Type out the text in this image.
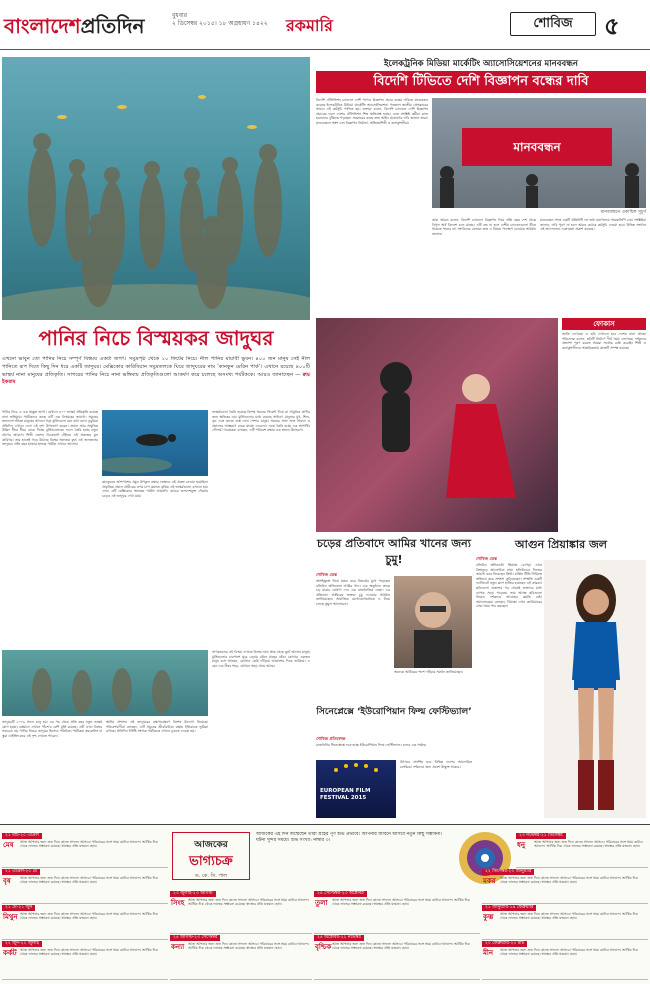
বাংলাদেশপ্রতিদিন	বুধবার
২ ডিসেম্বর ২০১৫। ১৮ অগ্রহায়ণ ১৪২২ রকমারি	শোবিজ	৫
পানির নিচে বিস্ময়কর জাদুঘর
এখনো ভাবুন তো পানির নিচে সম্পূর্ণ বিশ্বময় একটা জগৎ। সমুদ্রপৃষ্ঠ থেকে ১০ ফিটের নিচে। নীল পানির মায়াবী ভুবন। ৪০০ জন মানুষ সেই নীল পানিতে রূপ দিতে কিছু দিন ধরে একটি জাদুঘর। মেক্সিকোর কারিবিয়ান সমুদ্রতলকে ঘিরে জাদুঘরের নাম ‘কানকুন মেরিন পার্ক’। এখানে রয়েছে ৪০০টি ভাস্কর্য নানা মানুষের প্রতিকৃতি। সাগরের পানির নিচে নানা ভঙ্গিমায় প্রতিকৃতিগুলো আকর্ষণ করে চলেছে অসংখ্য পর্যটককে। আরও জানাচ্ছেন — রুদ্র ইকরাম
পানির নিচে এ এক অদ্ভুত জগৎ। যেখানে ৪০০ ভাস্কর্য প্রতিকৃতি রয়েছে নানা ভঙ্গিমায়। পর্যটকদের কাছে এটি এক বিস্ময়কর জায়গা। সমুদ্রের তলদেশে জীবন্ত মানুষের আদলে গড়া মূর্তিগুলো যেন কথা বলে। ডুবুরিরা প্রতিদিন এখানে এসে এই দৃশ্য উপভোগ করেন। প্রবাল আর সামুদ্রিক উদ্ভিদ ধীরে ধীরে ঢেকে দিচ্ছে মূর্তিগুলোকে। ফলে তৈরি হচ্ছে নতুন প্রাণের আবাস। শিল্পী জেসন ডিকেয়ার্স টেইলর এই প্রকল্পের মূল কারিগর। তার হাতেই গড়ে উঠেছে বিশ্বের অন্যতম বৃহৎ এই জলতলের জাদুঘর। প্রতি বছর হাজার হাজার পর্যটক এখানে আসেন।
কানকুনের আশপাশের সমুদ্র উপকূল রক্ষার লক্ষ্যেও এই প্রকল্প নেওয়া হয়েছিল। প্রাকৃতিক প্রবাল প্রাচীরের ওপর চাপ কমাতে কৃত্রিম এই ভাস্কর্যগুলো বসানো হয়। এখন এটি মেক্সিকোর অন্যতম পর্যটন আকর্ষণ। কাচের তলদেশযুক্ত নৌকায় চড়েও এই জাদুঘর দেখা যায়।
ভাস্কর্যগুলো তৈরি হয়েছে বিশেষ ধরনের সিমেন্ট দিয়ে যা সামুদ্রিক প্রাণীর জন্য ক্ষতিকর নয়। মূর্তিগুলোর মধ্যে রয়েছে সাধারণ মানুষের মুখ, শিশু, বৃদ্ধ এবং কাজে ব্যস্ত নানা পেশার মানুষ। সময়ের সঙ্গে সঙ্গে শৈবাল ও প্রবালের আস্তরণে ঢেকে যাচ্ছে এগুলো। এতে তৈরি হচ্ছে এক অপার্থিব সৌন্দর্য। গবেষকরা বলছেন, এটি পরিবেশ রক্ষার এক অনন্য উদাহরণ।
জাদুঘরটি ২০০৯ সালে চালু হয়। এর পর থেকে প্রতি বছর নতুন ভাস্কর্য যোগ হচ্ছে। বর্তমানে এখানে পাঁচশ'র বেশি মূর্তি রয়েছে। এটি এখন বিশ্বের সবচেয়ে বড় পানির নিচের জাদুঘর হিসেবে পরিচিত। পর্যটকরা স্নরকেলিং বা স্কুবা ডাইভিং করে এই দৃশ্য দেখতে পারেন।
স্থানীয় প্রশাসন এই জাদুঘরের রক্ষণাবেক্ষণে বিশেষ উদ্যোগ নিয়েছে। পরিবেশবাদীরা বলছেন, এটি সমুদ্রের জীববৈচিত্র্য রক্ষায় ইতিবাচক ভূমিকা রাখছে। প্রতিদিন নির্দিষ্ট সংখ্যক পর্যটককে এখানে ঢুকতে দেওয়া হয়।
সাগরতলের এই বিস্ময় দেখতে বিশ্বের নানা প্রান্ত থেকে ছুটে আসেন মানুষ। মূর্তিগুলোর চারপাশে ঘুরে বেড়ায় রঙিন মাছের ঝাঁক। কোথাও একজন মানুষ বসে আছেন, কোথাও কেউ দাঁড়িয়ে আকাশের দিকে তাকিয়ে। এ যেন এক নীরব শহর, যেখানে সময় থেমে আছে।
ইলেকট্রনিক মিডিয়া মার্কেটিং অ্যাসোসিয়েশনের মানববন্ধন
বিদেশি টিভিতে দেশি বিজ্ঞাপন বন্ধের দাবি
বিদেশি টেলিভিশন চ্যানেলে দেশি পণ্যের বিজ্ঞাপন প্রচার বন্ধের দাবিতে মানববন্ধন করেছে ইলেকট্রনিক মিডিয়া মার্কেটিং অ্যাসোসিয়েশন। গতকাল জাতীয় প্রেসক্লাবের সামনে এই কর্মসূচি পালিত হয়। বক্তারা বলেন, বিদেশি চ্যানেলে দেশি বিজ্ঞাপন প্রচারের ফলে দেশের টেলিভিশন শিল্প ক্ষতিগ্রস্ত হচ্ছে। এতে সংশ্লিষ্ট কর্মীরা কাজ হারানোর ঝুঁকিতে পড়ছেন। সরকারের কাছে দ্রুত আইন প্রয়োগের দাবি জানান তারা। মানববন্ধনে অংশ নেন বিজ্ঞাপন নির্মাতা, অভিনয়শিল্পী ও কলাকুশলীরা।
মানববন্ধন
মানববন্ধনে একাধিক সুচূর্ণ
তারা আরও বলেন, বিদেশি চ্যানেলে বিজ্ঞাপন দিয়ে প্রতি বছর দেশ থেকে বিপুল অর্থ বিদেশে চলে যাচ্ছে। এটি বন্ধ না হলে দেশীয় চ্যানেলগুলো টিকে থাকতে পারবে না। সংগঠনের নেতারা দ্রুত এ বিষয়ে পদক্ষেপ নেওয়ার আহ্বান জানান।
মানববন্ধন শেষে একটি প্রতিনিধি দল তথ্য মন্ত্রণালয়ে স্মারকলিপি দেয়। সংশ্লিষ্টরা জানান, দাবি পূরণ না হলে আরও কঠোর কর্মসূচি দেওয়া হবে। বিভিন্ন সংগঠন এই আন্দোলনে একাত্মতা প্রকাশ করেছে।
ফোকাস
জাতি দেখেছে। এ ছবি দেখানো হবে দেশের নানা প্রান্তে। পরিচালক বলেন, ছবিটি নির্মাণে দীর্ঘ সময় লেগেছে। দর্শকদের প্রত্যাশা পূরণ করতে আমরা সর্বোচ্চ চেষ্টা করেছি। শিল্পী ও কলাকুশলীদের আন্তরিকতায় কাজটি সম্পন্ন হয়েছে।
চড়ের প্রতিবাদে আমির খানের জন্য চুমু!
শোবিজ ডেস্ক
অসহিষ্ণুতা নিয়ে মন্তব্য করে বিতর্কের মুখে পড়েছেন বলিউড অভিনেতা আমির খান। এক অনুষ্ঠানে তাকে চড় মারার ঘোষণা দেন এক রাজনৈতিক নেতা। এর প্রতিবাদে আমিরের ভক্তরা চুমু দেওয়ার আহ্বান জানিয়েছেন। সামাজিক যোগাযোগমাধ্যমে এ নিয়ে চলছে তুমুল আলোচনা।
অনেকে আমিরের পাশে দাঁড়িয়ে সমর্থন জানিয়েছেন।
সিনেপ্লেক্সে ‘ইউরোপিয়ান ফিল্ম ফেস্টিভ্যাল’
শোবিজ প্রতিবেদক
রাজধানীর সিনেপ্লেক্সে শুরু হচ্ছে ইউরোপিয়ান ফিল্ম ফেস্টিভ্যাল। চলবে এক সপ্তাহ।
EUROPEAN FILM FESTIVAL 2015
উৎসবে প্রদর্শিত হবে বিভিন্ন দেশের আলোচিত চলচ্চিত্র। দর্শকদের জন্য প্রবেশ উন্মুক্ত থাকবে।
আগুন প্রিয়াঙ্কার জল
শোবিজ ডেস্ক
বলিউড অভিনেত্রী প্রিয়াঙ্কা চোপড়া এখন বিশ্বজুড়ে আলোচিত নাম। হলিউডেও নিজের জায়গা করে নিয়েছেন তিনি। মার্কিন টিভি সিরিজে অভিনয় করে প্রশংসা কুড়িয়েছেন। সম্প্রতি একটি ফটোশুটে নতুন রূপে হাজির হয়েছেন এই তারকা। ছবিগুলো প্রকাশের পর থেকেই ভক্তদের মধ্যে ব্যাপক সাড়া পড়েছে। তার আসন্ন ছবিগুলো নিয়েও দর্শকদের আগ্রহের কমতি নেই। সমালোচকরা বলছেন, প্রিয়াঙ্কা এখন ক্যারিয়ারের সেরা সময় পার করছেন।
আজকের
ভাগ্যচক্র
ড. কে. সি. পাল
আজকের এই দিন জন্মেছেন তারা গ্রহের পূর্ণ শুভ প্রভাবে। আপনার জীবনে আসবে নতুন কিছু সম্ভাবনা। ঘটনা সুন্দর সময়ে। শুভ সংখ্যা: নাম্বার ৩।
২১ মার্চ-২০ এপ্রিল
মেষ	আজ আপনার জন্য শুভ দিন। কাজে সাফল্য আসবে। পরিবারের সঙ্গে সময় কাটবে আনন্দে। আর্থিক দিক থেকে লাভের সম্ভাবনা রয়েছে। স্বাস্থ্যের প্রতি যত্নবান হোন।
২১ এপ্রিল-২০ মে
বৃষ	আজ আপনার জন্য শুভ দিন। কাজে সাফল্য আসবে। পরিবারের সঙ্গে সময় কাটবে আনন্দে। আর্থিক দিক থেকে লাভের সম্ভাবনা রয়েছে। স্বাস্থ্যের প্রতি যত্নবান হোন।
২১ মে-২১ জুন
মিথুন আজ আপনার জন্য শুভ দিন। কাজে সাফল্য আসবে। পরিবারের সঙ্গে সময় কাটবে আনন্দে। আর্থিক দিক থেকে লাভের সম্ভাবনা রয়েছে। স্বাস্থ্যের প্রতি যত্নবান হোন।
২২ জুন-২২ জুলাই
কর্কট আজ আপনার জন্য শুভ দিন। কাজে সাফল্য আসবে। পরিবারের সঙ্গে সময় কাটবে আনন্দে। আর্থিক দিক থেকে লাভের সম্ভাবনা রয়েছে। স্বাস্থ্যের প্রতি যত্নবান হোন।
২৩ জুলাই-২৩ আগস্ট
সিংহ আজ আপনার জন্য শুভ দিন। কাজে সাফল্য আসবে। পরিবারের সঙ্গে সময় কাটবে আনন্দে। আর্থিক দিক থেকে লাভের সম্ভাবনা রয়েছে। স্বাস্থ্যের প্রতি যত্নবান হোন।
২৪ আগস্ট-২৩ সেপ্টেম্বর
কন্যা আজ আপনার জন্য শুভ দিন। কাজে সাফল্য আসবে। পরিবারের সঙ্গে সময় কাটবে আনন্দে। আর্থিক দিক থেকে লাভের সম্ভাবনা রয়েছে। স্বাস্থ্যের প্রতি যত্নবান হোন।
২৪ সেপ্টেম্বর-২৩ অক্টোবর
তুলা	আজ আপনার জন্য শুভ দিন। কাজে সাফল্য আসবে। পরিবারের সঙ্গে সময় কাটবে আনন্দে। আর্থিক দিক থেকে লাভের সম্ভাবনা রয়েছে। স্বাস্থ্যের প্রতি যত্নবান হোন।
২৪ অক্টোবর-২২ নভেম্বর
বৃশ্চিক আজ আপনার জন্য শুভ দিন। কাজে সাফল্য আসবে। পরিবারের সঙ্গে সময় কাটবে আনন্দে। আর্থিক দিক থেকে লাভের সম্ভাবনা রয়েছে। স্বাস্থ্যের প্রতি যত্নবান হোন।
২৩ নভেম্বর-২১ ডিসেম্বর
ধনু	আজ আপনার জন্য শুভ দিন। কাজে সাফল্য আসবে। পরিবারের সঙ্গে সময় কাটবে আনন্দে। আর্থিক দিক থেকে লাভের সম্ভাবনা রয়েছে। স্বাস্থ্যের প্রতি যত্নবান হোন।
২২ ডিসেম্বর-২০ জানুয়ারি
মকর	আজ আপনার জন্য শুভ দিন। কাজে সাফল্য আসবে। পরিবারের সঙ্গে সময় কাটবে আনন্দে। আর্থিক দিক থেকে লাভের সম্ভাবনা রয়েছে। স্বাস্থ্যের প্রতি যত্নবান হোন।
২১ জানুয়ারি-১৯ ফেব্রুয়ারি
কুম্ভ	আজ আপনার জন্য শুভ দিন। কাজে সাফল্য আসবে। পরিবারের সঙ্গে সময় কাটবে আনন্দে। আর্থিক দিক থেকে লাভের সম্ভাবনা রয়েছে। স্বাস্থ্যের প্রতি যত্নবান হোন।
২০ ফেব্রুয়ারি-২০ মার্চ
মীন	আজ আপনার জন্য শুভ দিন। কাজে সাফল্য আসবে। পরিবারের সঙ্গে সময় কাটবে আনন্দে। আর্থিক দিক থেকে লাভের সম্ভাবনা রয়েছে। স্বাস্থ্যের প্রতি যত্নবান হোন।
